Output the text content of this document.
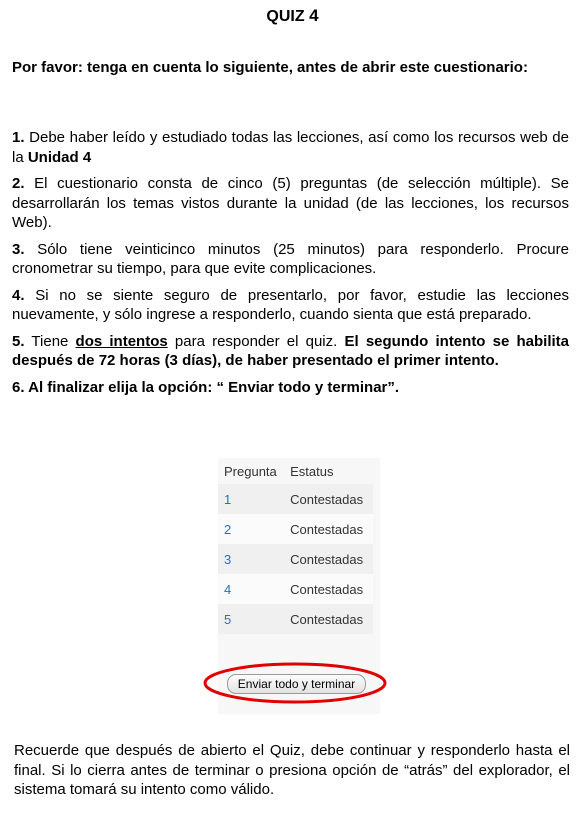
QUIZ 4
Por favor: tenga en cuenta lo siguiente, antes de abrir este cuestionario:
1. Debe haber leído y estudiado todas las lecciones, así como los recursos web de la Unidad 4
2. El cuestionario consta de cinco (5) preguntas (de selección múltiple). Se desarrollarán los temas vistos durante la unidad (de las lecciones, los recursos Web).
3. Sólo tiene veinticinco minutos (25 minutos) para responderlo. Procure cronometrar su tiempo, para que evite complicaciones.
4. Si no se siente seguro de presentarlo, por favor, estudie las lecciones nuevamente, y sólo ingrese a responderlo, cuando sienta que está preparado.
5. Tiene dos intentos para responder el quiz. El segundo intento se habilita después de 72 horas (3 días), de haber presentado el primer intento.
6. Al finalizar elija la opción: “ Enviar todo y terminar”.
Pregunta	Estatus
1	Contestadas
2	Contestadas
3	Contestadas
4	Contestadas
5	Contestadas
Enviar todo y terminar
Recuerde que después de abierto el Quiz, debe continuar y responderlo hasta el final. Si lo cierra antes de terminar o presiona opción de “atrás” del explorador, el sistema tomará su intento como válido.
